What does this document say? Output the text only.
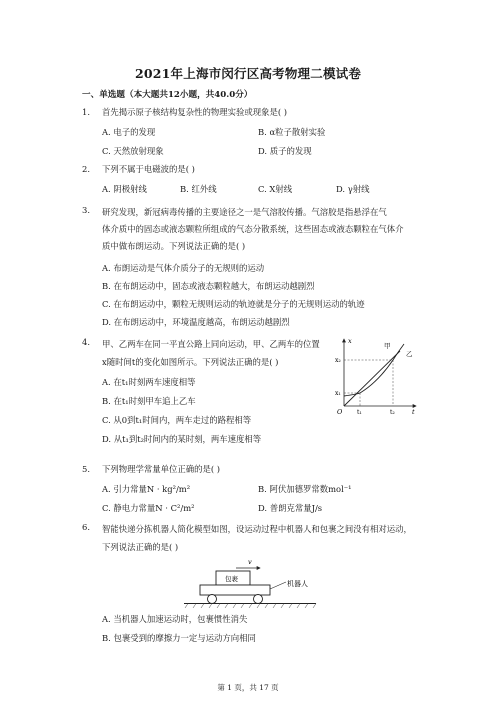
2021年上海市闵行区高考物理二模试卷
一、单选题（本大题共12小题，共40.0分）
1. 首先揭示原子核结构复杂性的物理实验或现象是( )
A. 电子的发现	B. α粒子散射实验
C. 天然放射现象	D. 质子的发现
2. 下列不属于电磁波的是( )
A. 阴极射线	B. 红外线	C. X射线	D. γ射线
3.	研究发现，新冠病毒传播的主要途径之一是气溶胶传播。气溶胶是指悬浮在气
体介质中的固态或液态颗粒所组成的气态分散系统，这些固态或液态颗粒在气体介
质中做布朗运动。下列说法正确的是( )
A. 布朗运动是气体介质分子的无规则的运动
B. 在布朗运动中，固态或液态颗粒越大，布朗运动越剧烈
C. 在布朗运动中，颗粒无规则运动的轨迹就是分子的无规则运动的轨迹
D. 在布朗运动中，环境温度越高，布朗运动越剧烈
4.	甲、乙两车在同一平直公路上同向运动，甲、乙两车的位置
x随时间t的变化如图所示。下列说法正确的是( )
A. 在t₁时刻两车速度相等
B. 在t₁时刻甲车追上乙车
C. 从0到t₁时间内，两车走过的路程相等
D. 从t₁到t₂时间内的某时刻，两车速度相等
x
x₂
x₁
O t₁	t₂	t
甲
乙
5. 下列物理学常量单位正确的是( )
A. 引力常量N · kg²/m²	B. 阿伏加德罗常数mol⁻¹
C. 静电力常量N · C²/m²	D. 普朗克常量J/s
6.	智能快递分拣机器人简化模型如图，设运动过程中机器人和包裹之间没有相对运动，
下列说法正确的是( )
v
包裹
机器人
A. 当机器人加速运动时，包裹惯性消失
B. 包裹受到的摩擦力一定与运动方向相同
第 1 页，共 17 页
